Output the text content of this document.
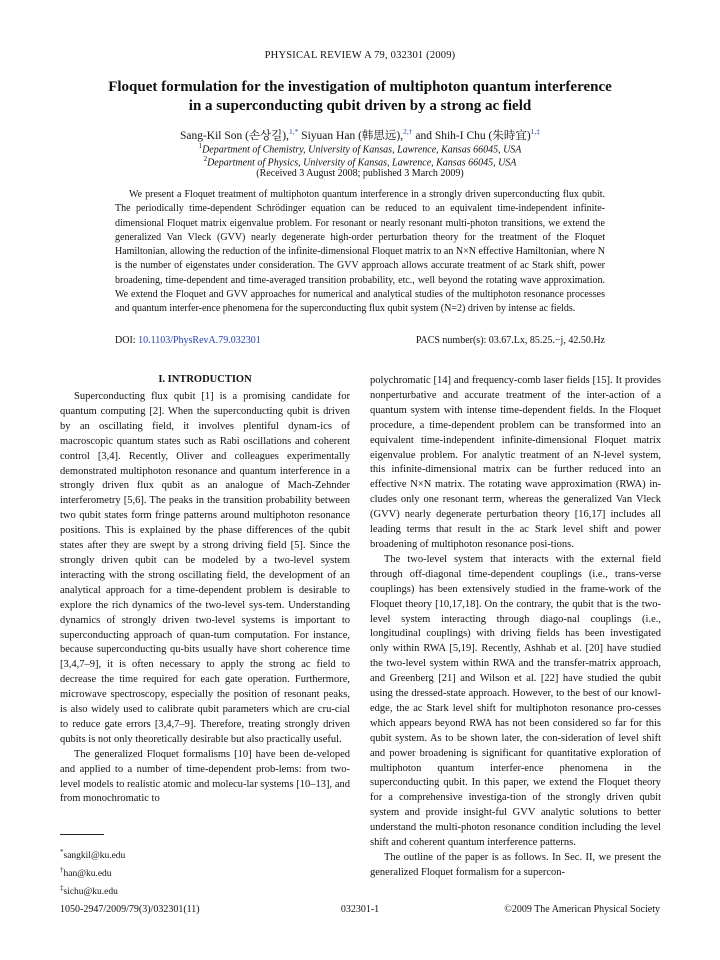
PHYSICAL REVIEW A 79, 032301 (2009)
Floquet formulation for the investigation of multiphoton quantum interference
in a superconducting qubit driven by a strong ac field
Sang-Kil Son (손상길),$^{1,*}$ Siyuan Han (韩思远),$^{2,\dagger}$ and Shih-I Chu (朱時宜)$^{1,\ddagger}$
$^1$Department of Chemistry, University of Kansas, Lawrence, Kansas 66045, USA
$^2$Department of Physics, University of Kansas, Lawrence, Kansas 66045, USA
(Received 3 August 2008; published 3 March 2009)
We present a Floquet treatment of multiphoton quantum interference in a strongly driven superconducting flux qubit. The periodically time-dependent Schrödinger equation can be reduced to an equivalent time-independent infinite-dimensional Floquet matrix eigenvalue problem. For resonant or nearly resonant multi-photon transitions, we extend the generalized Van Vleck (GVV) nearly degenerate high-order perturbation theory for the treatment of the Floquet Hamiltonian, allowing the reduction of the infinite-dimensional Floquet matrix to an N×N effective Hamiltonian, where N is the number of eigenstates under consideration. The GVV approach allows accurate treatment of ac Stark shift, power broadening, time-dependent and time-averaged transition probability, etc., well beyond the rotating wave approximation. We extend the Floquet and GVV approaches for numerical and analytical studies of the multiphoton resonance processes and quantum interfer-ence phenomena for the superconducting flux qubit system (N=2) driven by intense ac fields.
DOI: 10.1103/PhysRevA.79.032301	PACS number(s): 03.67.Lx, 85.25.−j, 42.50.Hz
I. INTRODUCTION

Superconducting flux qubit [1] is a promising candidate for quantum computing [2]. When the superconducting qubit is driven by an oscillating field, it involves plentiful dynam-ics of macroscopic quantum states such as Rabi oscillations and coherent control [3,4]. Recently, Oliver and colleagues experimentally demonstrated multiphoton resonance and quantum interference in a strongly driven flux qubit as an analogue of Mach-Zehnder interferometry [5,6]. The peaks in the transition probability between two qubit states form fringe patterns around multiphoton resonance positions. This is explained by the phase differences of the qubit states after they are swept by a strong driving field [5]. Since the strongly driven qubit can be modeled by a two-level system interacting with the strong oscillating field, the development of an analytical approach for a time-dependent problem is desirable to explore the rich dynamics of the two-level sys-tem. Understanding dynamics of strongly driven two-level systems is important to superconducting approach of quan-tum computation. For instance, because superconducting qu-bits usually have short coherence time [3,4,7–9], it is often necessary to apply the strong ac field to decrease the time required for each gate operation. Furthermore, microwave spectroscopy, especially the position of resonant peaks, is also widely used to calibrate qubit parameters which are cru-cial to reduce gate errors [3,4,7–9]. Therefore, treating strongly driven qubits is not only theoretically desirable but also practically useful.

The generalized Floquet formalisms [10] have been de-veloped and applied to a number of time-dependent prob-lems: from two-level models to realistic atomic and molecu-lar systems [10–13], and from monochromatic to

polychromatic [14] and frequency-comb laser fields [15]. It provides nonperturbative and accurate treatment of the inter-action of a quantum system with intense time-dependent fields. In the Floquet procedure, a time-dependent problem can be transformed into an equivalent time-independent infinite-dimensional Floquet matrix eigenvalue problem. For analytic treatment of an N-level system, this infinite-dimensional matrix can be further reduced into an effective N×N matrix. The rotating wave approximation (RWA) in-cludes only one resonant term, whereas the generalized Van Vleck (GVV) nearly degenerate perturbation theory [16,17] includes all leading terms that result in the ac Stark level shift and power broadening of multiphoton resonance posi-tions.

The two-level system that interacts with the external field through off-diagonal time-dependent couplings (i.e., trans-verse couplings) has been extensively studied in the frame-work of the Floquet theory [10,17,18]. On the contrary, the qubit that is the two-level system interacting through diago-nal couplings (i.e., longitudinal couplings) with driving fields has been investigated only within RWA [5,19]. Recently, Ashhab et al. [20] have studied the two-level system within RWA and the transfer-matrix approach, and Greenberg [21] and Wilson et al. [22] have studied the qubit using the dressed-state approach. However, to the best of our knowl-edge, the ac Stark level shift for multiphoton resonance pro-cesses which appears beyond RWA has not been considered so far for this qubit system. As to be shown later, the con-sideration of level shift and power broadening is significant for quantitative exploration of multiphoton quantum interfer-ence phenomena in the superconducting qubit. In this paper, we extend the Floquet theory for a comprehensive investiga-tion of the strongly driven qubit system and provide insight-ful GVV analytic solutions to better understand the multi-photon resonance condition including the level shift and coherent quantum interference patterns.

The outline of the paper is as follows. In Sec. II, we present the generalized Floquet formalism for a supercon-

*sangkil@ku.edu
†han@ku.edu
‡sichu@ku.edu
1050-2947/2009/79(3)/032301(11)	032301-1	©2009 The American Physical Society
